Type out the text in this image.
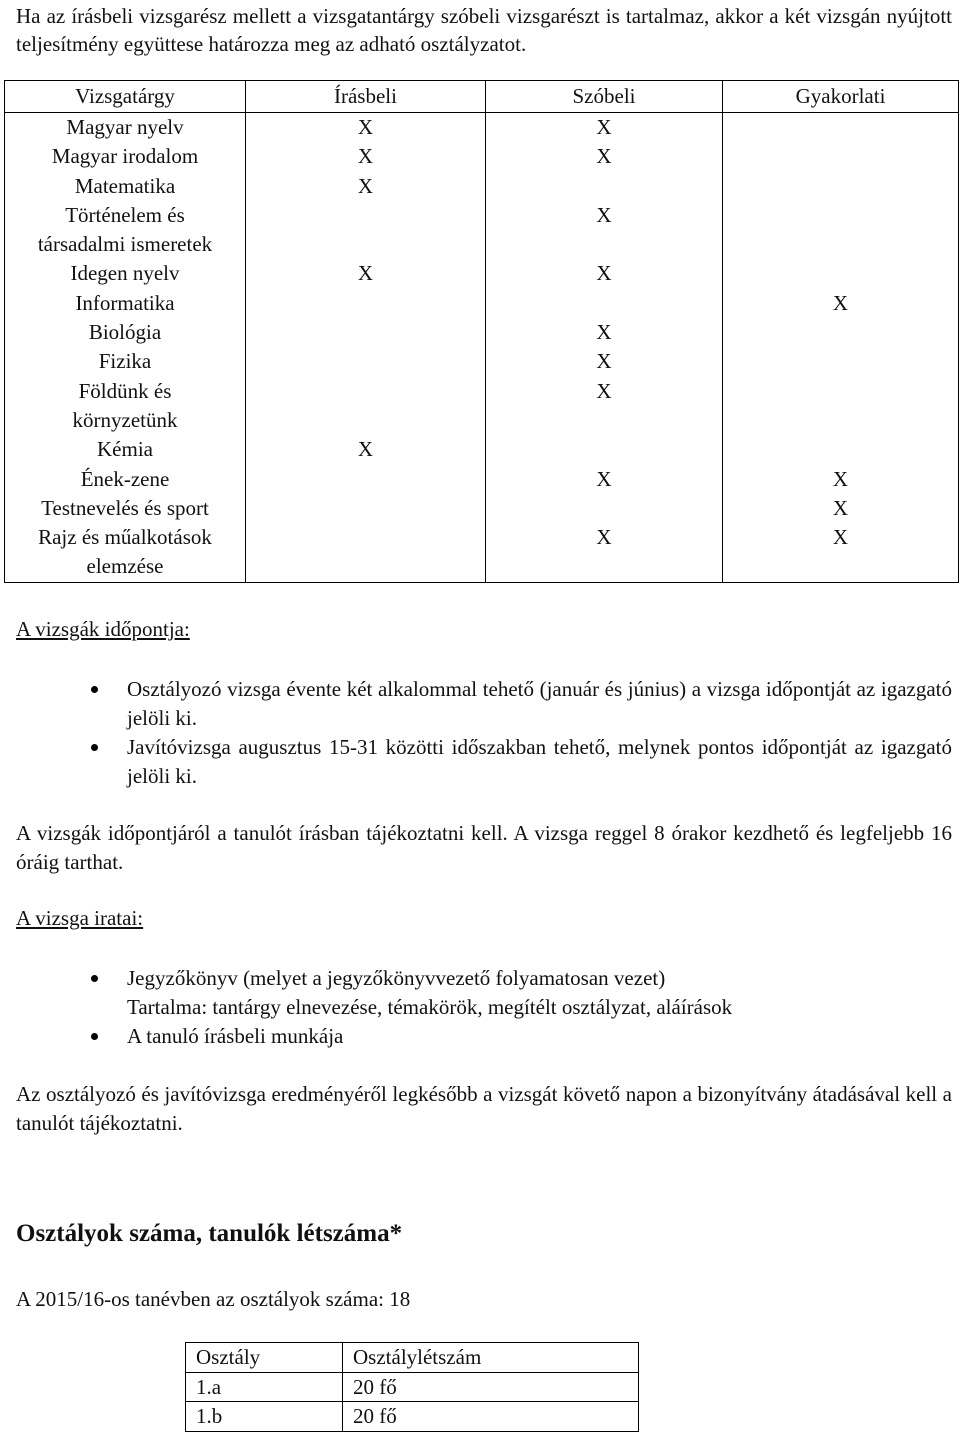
Ha az írásbeli vizsgarész mellett a vizsgatantárgy szóbeli vizsgarészt is tartalmaz, akkor a két vizsgán nyújtott teljesítmény együttese határozza meg az adható osztályzatot.
Vizsgatárgy	Írásbeli	Szóbeli	Gyakorlati
Magyar nyelv	X	X	
Magyar irodalom	X	X	
Matematika	X		
Történelem és társadalmi ismeretek		X	
Idegen nyelv	X	X	
Informatika			X
Biológia		X	
Fizika		X	
Földünk és környzetünk		X	
Kémia	X		
Ének-zene		X	X
Testnevelés és sport			X
Rajz és műalkotások elemzése		X	X
A vizsgák időpontja:
Osztályozó vizsga évente két alkalommal tehető (január és június) a vizsga időpontját az igazgató jelöli ki.
Javítóvizsga augusztus 15-31 közötti időszakban tehető, melynek pontos időpontját az igazgató jelöli ki.
A vizsgák időpontjáról a tanulót írásban tájékoztatni kell. A vizsga reggel 8 órakor kezdhető és legfeljebb 16 óráig tarthat.
A vizsga iratai:
Jegyzőkönyv (melyet a jegyzőkönyvvezető folyamatosan vezet)
Tartalma: tantárgy elnevezése, témakörök, megítélt osztályzat, aláírások
A tanuló írásbeli munkája
Az osztályozó és javítóvizsga eredményéről legkésőbb a vizsgát követő napon a bizonyítvány átadásával kell a tanulót tájékoztatni.
Osztályok száma, tanulók létszáma*
A 2015/16-os tanévben az osztályok száma: 18
Osztály	Osztálylétszám
1.a	20 fő
1.b	20 fő
